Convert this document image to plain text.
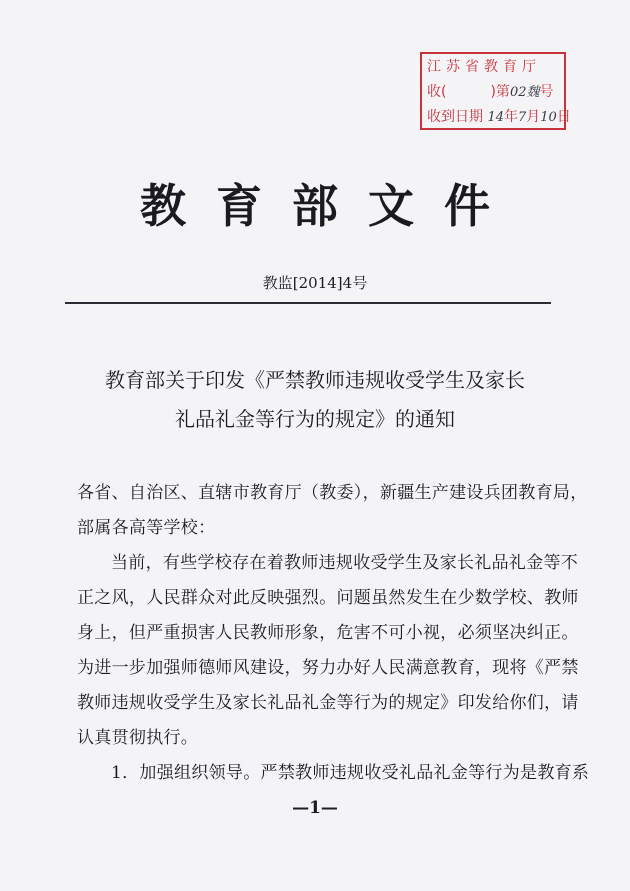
江苏省教育厅
收(	)第02魏号
收到日期 14年7月10日
教育部文件
教监[2014]4号
教育部关于印发《严禁教师违规收受学生及家长
礼品礼金等行为的规定》的通知
各省、自治区、直辖市教育厅（教委），新疆生产建设兵团教育局，
部属各高等学校：
当前，有些学校存在着教师违规收受学生及家长礼品礼金等不
正之风，人民群众对此反映强烈。问题虽然发生在少数学校、教师
身上，但严重损害人民教师形象，危害不可小视，必须坚决纠正。
为进一步加强师德师风建设，努力办好人民满意教育，现将《严禁
教师违规收受学生及家长礼品礼金等行为的规定》印发给你们，请
认真贯彻执行。
1．加强组织领导。严禁教师违规收受礼品礼金等行为是教育系
—1—
